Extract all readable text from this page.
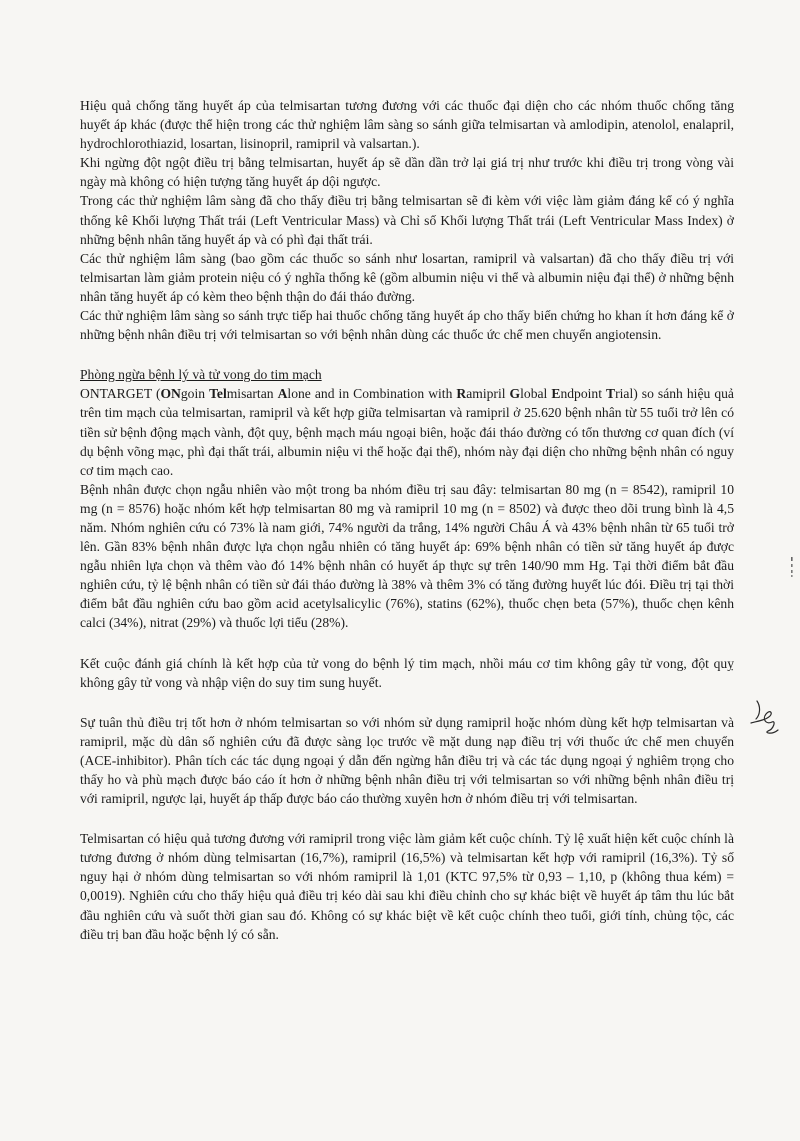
Hiệu quả chống tăng huyết áp của telmisartan tương đương với các thuốc đại diện cho các nhóm thuốc chống tăng huyết áp khác (được thể hiện trong các thử nghiệm lâm sàng so sánh giữa telmisartan và amlodipin, atenolol, enalapril, hydrochlorothiazid, losartan, lisinopril, ramipril và valsartan.).

Khi ngừng đột ngột điều trị bằng telmisartan, huyết áp sẽ dần dần trở lại giá trị như trước khi điều trị trong vòng vài ngày mà không có hiện tượng tăng huyết áp dội ngược.

Trong các thử nghiệm lâm sàng đã cho thấy điều trị bằng telmisartan sẽ đi kèm với việc làm giảm đáng kể có ý nghĩa thống kê Khối lượng Thất trái (Left Ventricular Mass) và Chỉ số Khối lượng Thất trái (Left Ventricular Mass Index) ở những bệnh nhân tăng huyết áp và có phì đại thất trái.

Các thử nghiệm lâm sàng (bao gồm các thuốc so sánh như losartan, ramipril và valsartan) đã cho thấy điều trị với telmisartan làm giảm protein niệu có ý nghĩa thống kê (gồm albumin niệu vi thể và albumin niệu đại thể) ở những bệnh nhân tăng huyết áp có kèm theo bệnh thận do đái tháo đường.

Các thử nghiệm lâm sàng so sánh trực tiếp hai thuốc chống tăng huyết áp cho thấy biến chứng ho khan ít hơn đáng kể ở những bệnh nhân điều trị với telmisartan so với bệnh nhân dùng các thuốc ức chế men chuyển angiotensin.

Phòng ngừa bệnh lý và tử vong do tim mạch

ONTARGET (ONgoin Telmisartan Alone and in Combination with Ramipril Global Endpoint Trial) so sánh hiệu quả trên tim mạch của telmisartan, ramipril và kết hợp giữa telmisartan và ramipril ở 25.620 bệnh nhân từ 55 tuổi trở lên có tiền sử bệnh động mạch vành, đột quỵ, bệnh mạch máu ngoại biên, hoặc đái tháo đường có tổn thương cơ quan đích (ví dụ bệnh võng mạc, phì đại thất trái, albumin niệu vi thể hoặc đại thể), nhóm này đại diện cho những bệnh nhân có nguy cơ tim mạch cao.

Bệnh nhân được chọn ngẫu nhiên vào một trong ba nhóm điều trị sau đây: telmisartan 80 mg (n = 8542), ramipril 10 mg (n = 8576) hoặc nhóm kết hợp telmisartan 80 mg và ramipril 10 mg (n = 8502) và được theo dõi trung bình là 4,5 năm. Nhóm nghiên cứu có 73% là nam giới, 74% người da trắng, 14% người Châu Á và 43% bệnh nhân từ 65 tuổi trở lên. Gần 83% bệnh nhân được lựa chọn ngẫu nhiên có tăng huyết áp: 69% bệnh nhân có tiền sử tăng huyết áp được ngẫu nhiên lựa chọn và thêm vào đó 14% bệnh nhân có huyết áp thực sự trên 140/90 mm Hg. Tại thời điểm bắt đầu nghiên cứu, tỷ lệ bệnh nhân có tiền sử đái tháo đường là 38% và thêm 3% có tăng đường huyết lúc đói. Điều trị tại thời điểm bắt đầu nghiên cứu bao gồm acid acetylsalicylic (76%), statins (62%), thuốc chẹn beta (57%), thuốc chẹn kênh calci (34%), nitrat (29%) và thuốc lợi tiểu (28%).

Kết cuộc đánh giá chính là kết hợp của tử vong do bệnh lý tim mạch, nhồi máu cơ tim không gây tử vong, đột quỵ không gây tử vong và nhập viện do suy tim sung huyết.

Sự tuân thủ điều trị tốt hơn ở nhóm telmisartan so với nhóm sử dụng ramipril hoặc nhóm dùng kết hợp telmisartan và ramipril, mặc dù dân số nghiên cứu đã được sàng lọc trước về mặt dung nạp điều trị với thuốc ức chế men chuyển (ACE-inhibitor). Phân tích các tác dụng ngoại ý dẫn đến ngừng hẳn điều trị và các tác dụng ngoại ý nghiêm trọng cho thấy ho và phù mạch được báo cáo ít hơn ở những bệnh nhân điều trị với telmisartan so với những bệnh nhân điều trị với ramipril, ngược lại, huyết áp thấp được báo cáo thường xuyên hơn ở nhóm điều trị với telmisartan.

Telmisartan có hiệu quả tương đương với ramipril trong việc làm giảm kết cuộc chính. Tỷ lệ xuất hiện kết cuộc chính là tương đương ở nhóm dùng telmisartan (16,7%), ramipril (16,5%) và telmisartan kết hợp với ramipril (16,3%). Tỷ số nguy hại ở nhóm dùng telmisartan so với nhóm ramipril là 1,01 (KTC 97,5% từ 0,93 – 1,10, p (không thua kém) = 0,0019). Nghiên cứu cho thấy hiệu quả điều trị kéo dài sau khi điều chỉnh cho sự khác biệt về huyết áp tâm thu lúc bắt đầu nghiên cứu và suốt thời gian sau đó. Không có sự khác biệt về kết cuộc chính theo tuổi, giới tính, chủng tộc, các điều trị ban đầu hoặc bệnh lý có sẵn.
